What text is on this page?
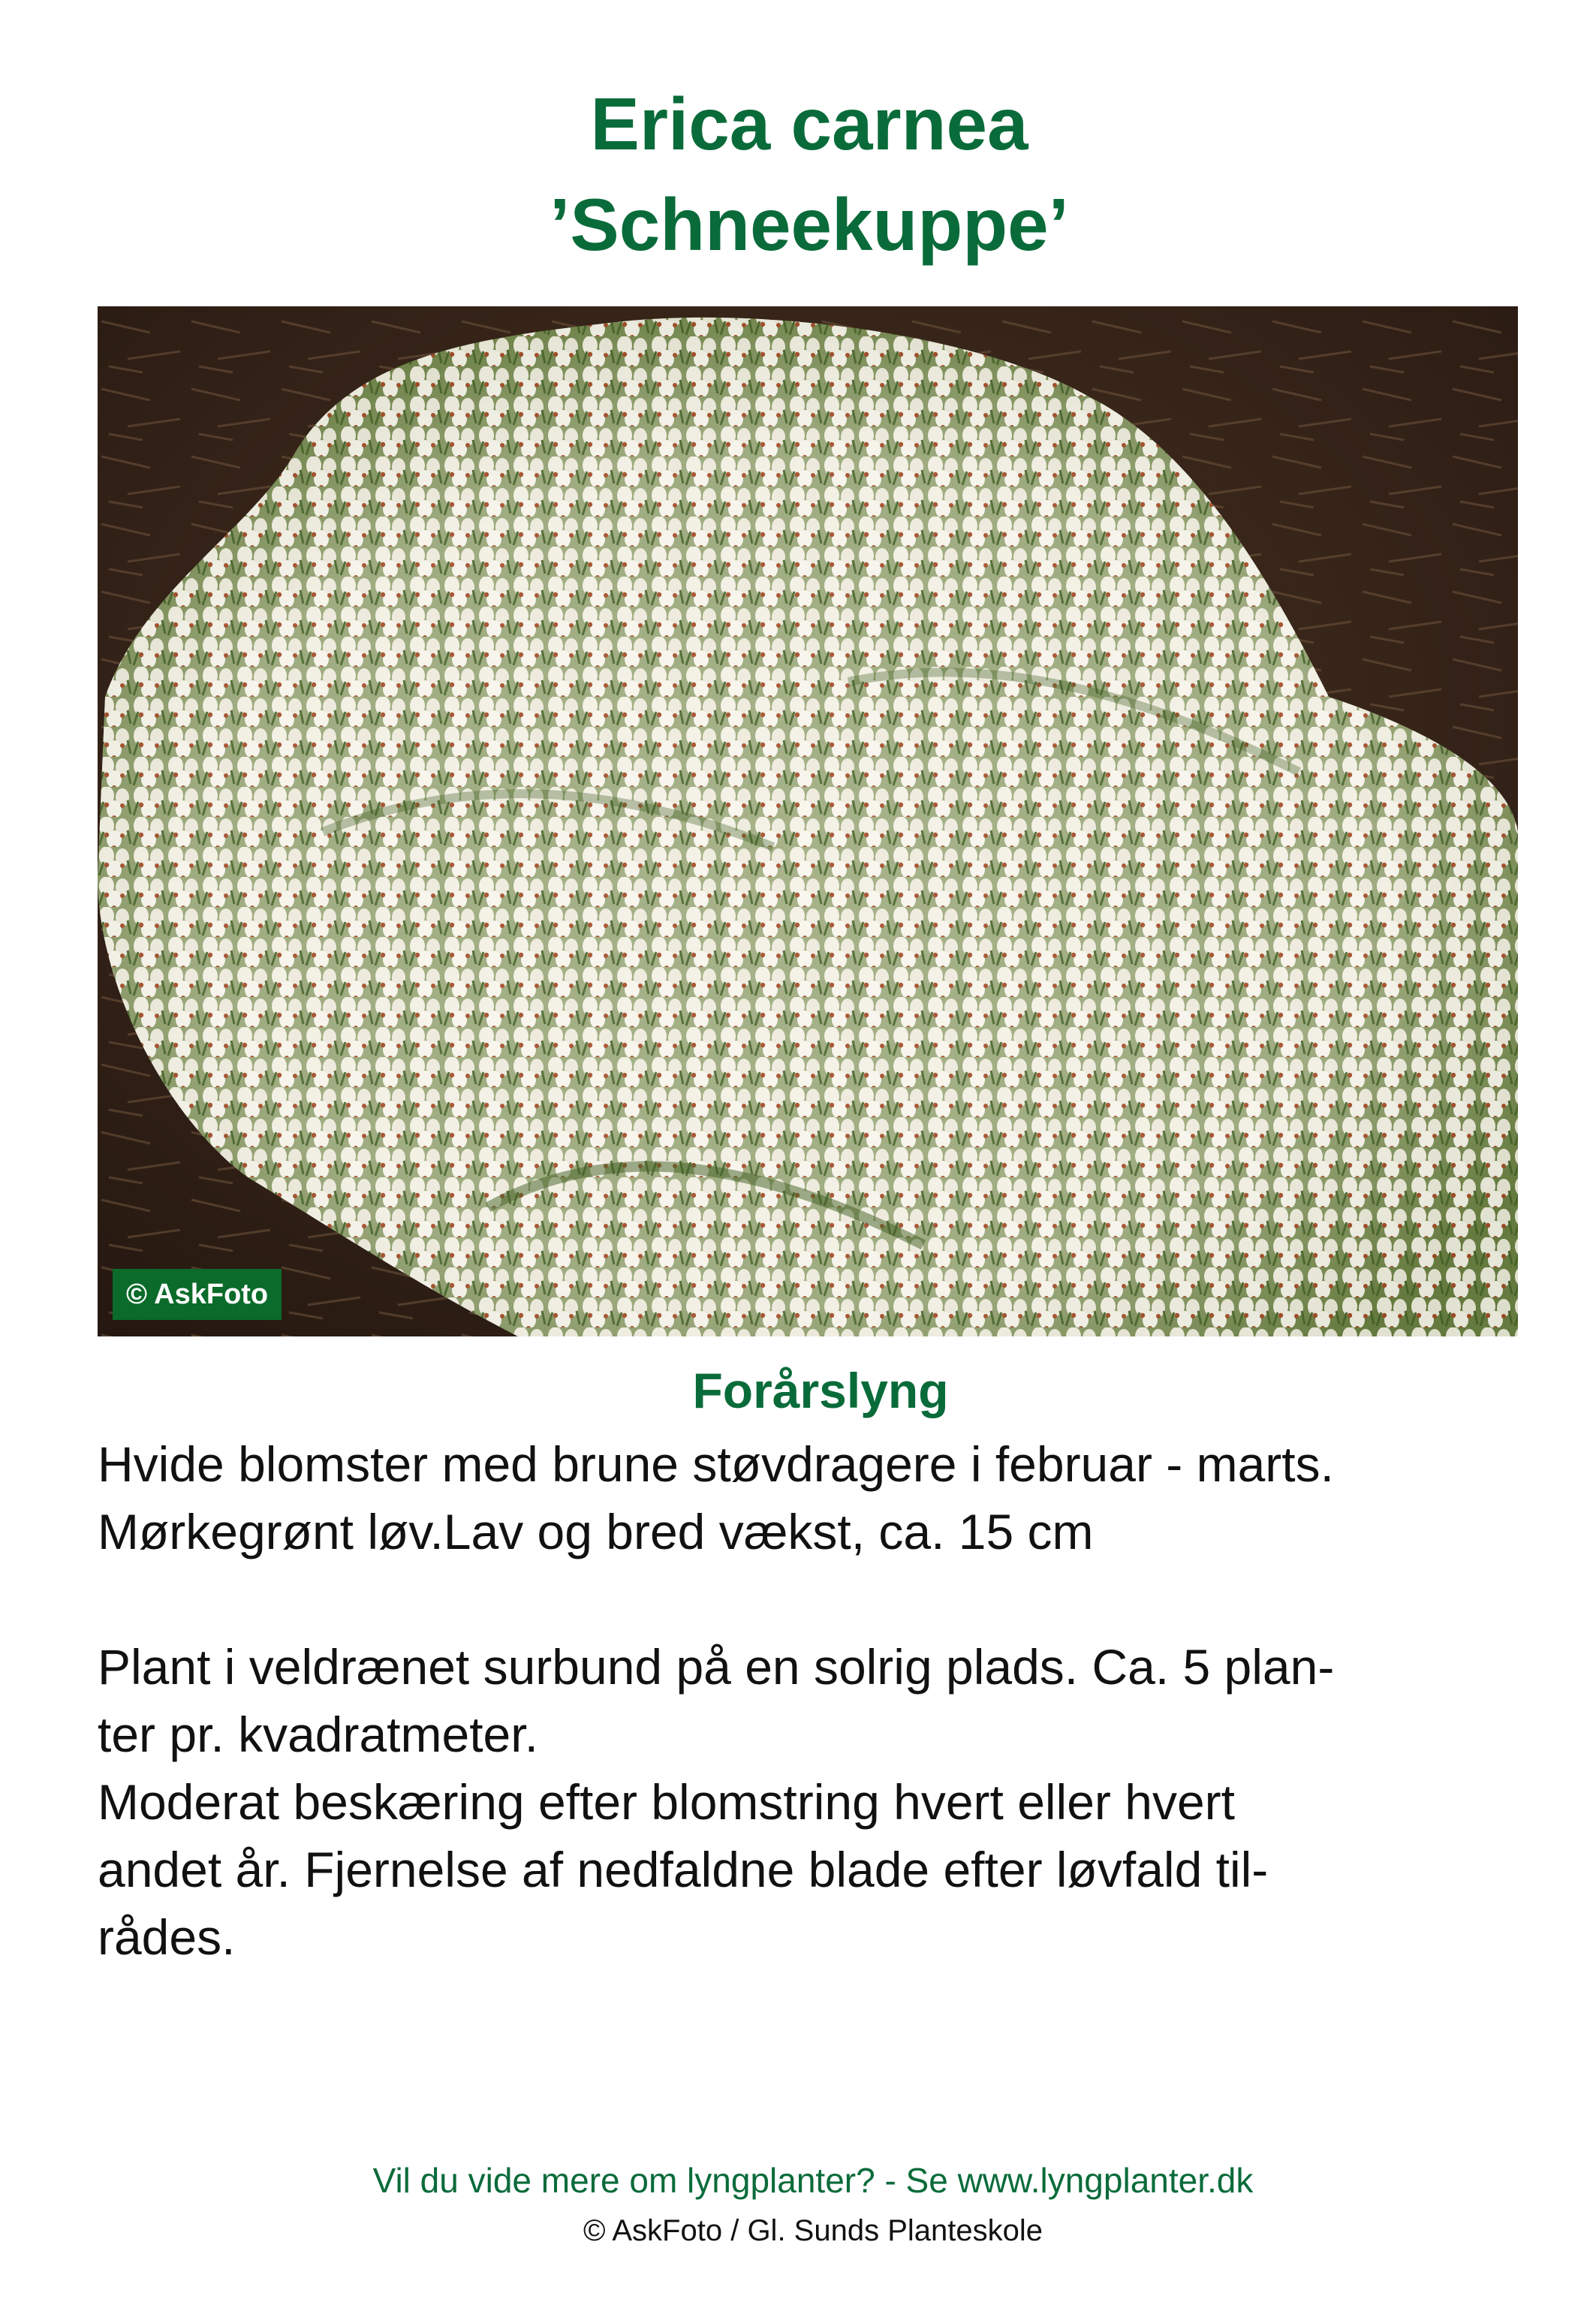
Erica carnea
’Schneekuppe’
© AskFoto
Forårslyng
Hvide blomster med brune støvdragere i februar - marts.
Mørkegrønt løv.Lav og bred vækst, ca. 15 cm
Plant i veldrænet surbund på en solrig plads. Ca. 5 plan-
ter pr. kvadratmeter.
Moderat beskæring efter blomstring hvert eller hvert
andet år. Fjernelse af nedfaldne blade efter løvfald til-
rådes.
Vil du vide mere om lyngplanter? - Se www.lyngplanter.dk
© AskFoto / Gl. Sunds Planteskole
